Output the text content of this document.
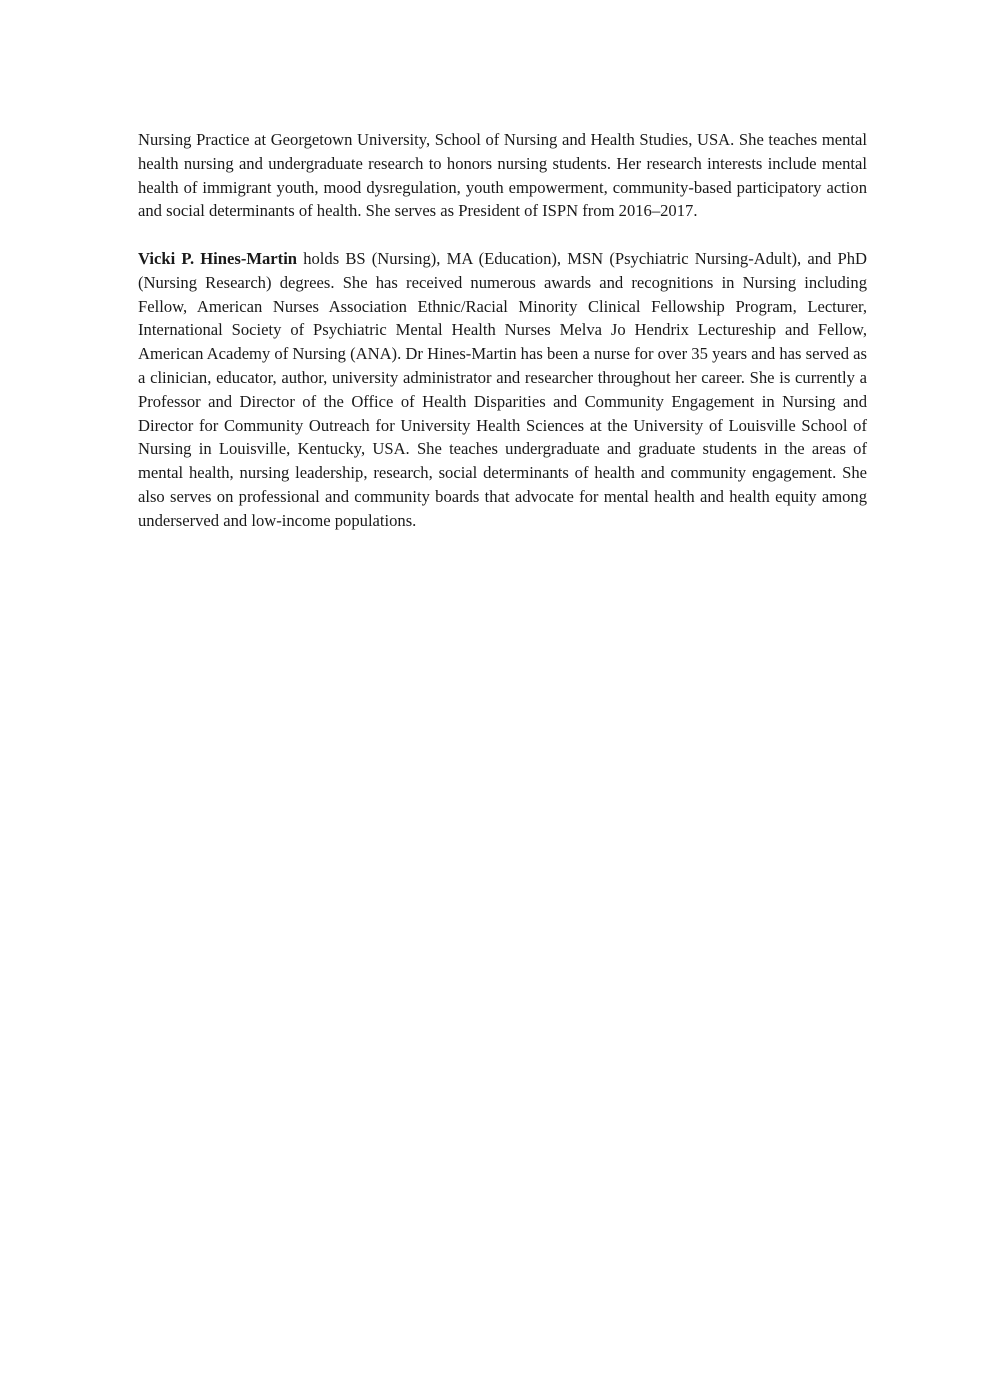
Nursing Practice at Georgetown University, School of Nursing and Health Studies, USA. She teaches mental health nursing and undergraduate research to honors nursing students. Her research interests include mental health of immigrant youth, mood dysregulation, youth empowerment, community-based participatory action and social determinants of health. She serves as President of ISPN from 2016–2017.

Vicki P. Hines-Martin holds BS (Nursing), MA (Education), MSN (Psychiatric Nursing-Adult), and PhD (Nursing Research) degrees. She has received numerous awards and recognitions in Nursing including Fellow, American Nurses Association Ethnic/Racial Minority Clinical Fellowship Program, Lecturer, International Society of Psychiatric Mental Health Nurses Melva Jo Hendrix Lectureship and Fellow, American Academy of Nursing (ANA). Dr Hines-Martin has been a nurse for over 35 years and has served as a clinician, educator, author, university administrator and researcher throughout her career. She is currently a Professor and Director of the Office of Health Disparities and Community Engagement in Nursing and Director for Community Outreach for University Health Sciences at the University of Louisville School of Nursing in Louisville, Kentucky, USA. She teaches undergraduate and graduate students in the areas of mental health, nursing leadership, research, social determinants of health and community engagement. She also serves on professional and community boards that advocate for mental health and health equity among underserved and low-income populations.
